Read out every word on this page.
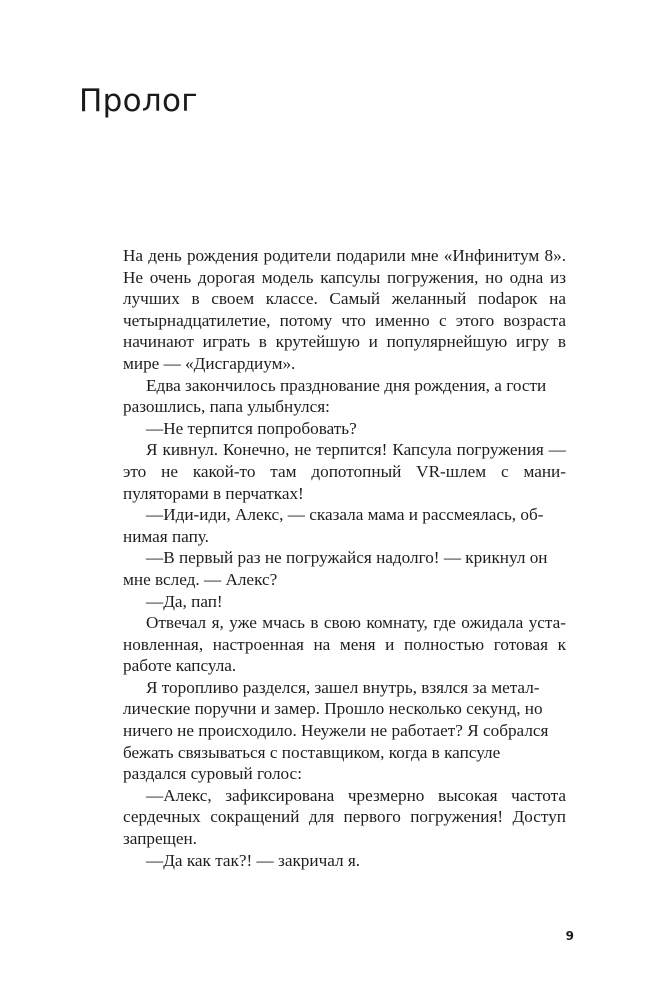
Пролог

На день рождения родители подарили мне «Инфинитум 8». Не очень дорогая модель капсулы погружения, но одна из лучших в своем классе. Самый желанный поdарок на четырнадцатилетие, потому что именно с этого возраста начинают играть в крутейшую и популярнейшую игру в мире — «Дисгардиум».

Едва закончилось празднование дня рождения, а гости разошлись, папа улыбнулся:

—Не терпится попробовать?

Я кивнул. Конечно, не терпится! Капсула погружения — это не какой-то там допотопный VR-шлем с манипуляторами в перчатках!

—Иди-иди, Алекс, — сказала мама и рассмеялась, обнимая папу.

—В первый раз не погружайся надолго! — крикнул он мне вслед. — Алекс?

—Да, пап!

Отвечал я, уже мчась в свою комнату, где ожидала установленная, настроенная на меня и полностью готовая к работе капсула.

Я торопливо разделся, зашел внутрь, взялся за металлические поручни и замер. Прошло несколько секунд, но ничего не происходило. Неужели не работает? Я собрался бежать связываться с поставщиком, когда в капсуле раздался суровый голос:

—Алекс, зафиксирована чрезмерно высокая частота сердечных сокращений для первого погружения! Доступ запрещен.

—Да как так?! — закричал я.

9
